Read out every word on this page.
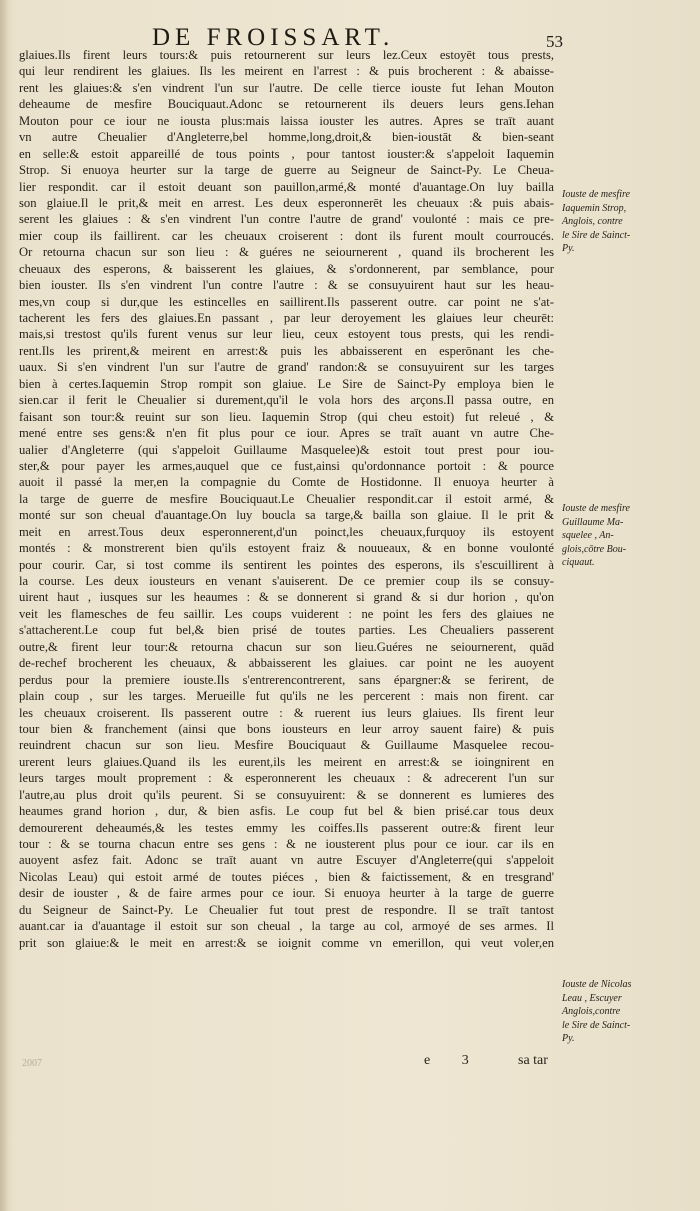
DE FROISSART.	53
glaiues.Ils firent leurs tours:& puis retournerent sur leurs lez.Ceux estoyēt tous prests,
qui leur rendirent les glaiues. Ils les meirent en l'arrest : & puis brocherent : & abaisse-
rent les glaiues:& s'en vindrent l'un sur l'autre. De celle tierce iouste fut Iehan Mouton
deheaume de mesfire Bouciquaut.Adonc se retournerent ils deuers leurs gens.Iehan
Mouton pour ce iour ne iousta plus:mais laissa iouster les autres. Apres se traīt auant
vn autre Cheualier d'Angleterre,bel homme,long,droit,& bien-ioustāt & bien-seant
en selle:& estoit appareillé de tous points , pour tantost iouster:& s'appeloit Iaquemin
Strop. Si enuoya heurter sur la targe de guerre au Seigneur de Sainct-Py. Le Cheua-
lier respondit. car il estoit deuant son pauillon,armé,& monté d'auantage.On luy bailla
son glaiue.Il le prit,& meit en arrest. Les deux esperonnerēt les cheuaux :& puis abais-
serent les glaiues : & s'en vindrent l'un contre l'autre de grand' voulonté : mais ce pre-
mier coup ils faillirent. car les cheuaux croiserent : dont ils furent moult courroucés.
Or retourna chacun sur son lieu : & guéres ne seiournerent , quand ils brocherent les
cheuaux des esperons, & baisserent les glaiues, & s'ordonnerent, par semblance, pour
bien iouster. Ils s'en vindrent l'un contre l'autre : & se consuyuirent haut sur les heau-
mes,vn coup si dur,que les estincelles en saillirent.Ils passerent outre. car point ne s'at-
tacherent les fers des glaiues.En passant , par leur deroyement les glaiues leur cheurēt:
mais,si trestost qu'ils furent venus sur leur lieu, ceux estoyent tous prests, qui les rendi-
rent.Ils les prirent,& meirent en arrest:& puis les abbaisserent en esperōnant les che-
uaux. Si s'en vindrent l'un sur l'autre de grand' randon:& se consuyuirent sur les targes
bien à certes.Iaquemin Strop rompit son glaiue. Le Sire de Sainct-Py employa bien le
sien.car il ferit le Cheualier si durement,qu'il le vola hors des arçons.Il passa outre, en
faisant son tour:& reuint sur son lieu. Iaquemin Strop (qui cheu estoit) fut releué , &
mené entre ses gens:& n'en fit plus pour ce iour. Apres se traīt auant vn autre Che-
ualier d'Angleterre (qui s'appeloit Guillaume Masquelee)& estoit tout prest pour iou-
ster,& pour payer les armes,auquel que ce fust,ainsi qu'ordonnance portoit : & pource
auoit il passé la mer,en la compagnie du Comte de Hostidonne. Il enuoya heurter à
la targe de guerre de mesfire Bouciquaut.Le Cheualier respondit.car il estoit armé, &
monté sur son cheual d'auantage.On luy boucla sa targe,& bailla son glaiue. Il le prit &
meit en arrest.Tous deux esperonnerent,d'un poinct,les cheuaux,furquoy ils estoyent
montés : & monstrerent bien qu'ils estoyent fraiz & nouueaux, & en bonne voulonté
pour courir. Car, si tost comme ils sentirent les pointes des esperons, ils s'escuillirent à
la course. Les deux iousteurs en venant s'auiserent. De ce premier coup ils se consuy-
uirent haut , iusques sur les heaumes : & se donnerent si grand & si dur horion , qu'on
veit les flamesches de feu saillir. Les coups vuiderent : ne point les fers des glaiues ne
s'attacherent.Le coup fut bel,& bien prisé de toutes parties. Les Cheualiers passerent
outre,& firent leur tour:& retourna chacun sur son lieu.Guéres ne seiournerent, quād
de-rechef brocherent les cheuaux, & abbaisserent les glaiues. car point ne les auoyent
perdus pour la premiere iouste.Ils s'entrerencontrerent, sans épargner:& se ferirent, de
plain coup , sur les targes. Merueille fut qu'ils ne les percerent : mais non firent. car
les cheuaux croiserent. Ils passerent outre : & ruerent ius leurs glaiues. Ils firent leur
tour bien & franchement (ainsi que bons iousteurs en leur arroy sauent faire) & puis
reuindrent chacun sur son lieu. Mesfire Bouciquaut & Guillaume Masquelee recou-
urerent leurs glaiues.Quand ils les eurent,ils les meirent en arrest:& se ioingnirent en
leurs targes moult proprement : & esperonnerent les cheuaux : & adrecerent l'un sur
l'autre,au plus droit qu'ils peurent. Si se consuyuirent: & se donnerent es lumieres des
heaumes grand horion , dur, & bien asfis. Le coup fut bel & bien prisé.car tous deux
demourerent deheaumés,& les testes emmy les coiffes.Ils passerent outre:& firent leur
tour : & se tourna chacun entre ses gens : & ne iousterent plus pour ce iour. car ils en
auoyent asfez fait. Adonc se traīt auant vn autre Escuyer d'Angleterre(qui s'appeloit
Nicolas Leau) qui estoit armé de toutes piéces , bien & faictissement, & en tresgrand'
desir de iouster , & de faire armes pour ce iour. Si enuoya heurter à la targe de guerre
du Seigneur de Sainct-Py. Le Cheualier fut tout prest de respondre. Il se traīt tantost
auant.car ia d'auantage il estoit sur son cheual , la targe au col, armoyé de ses armes. Il
prit son glaiue:& le meit en arrest:& se ioignit comme vn emerillon, qui veut voler,en
Iouste de mesfire
Iaquemin Strop,
Anglois, contre
le Sire de Sainct-
Py.
Iouste de mesfire
Guillaume Ma-
squelee , An-
glois,cōtre Bou-
ciquaut.
Iouste de Nicolas
Leau , Escuyer
Anglois,contre
le Sire de Sainct-
Py.
2007	e 3	sa tar
